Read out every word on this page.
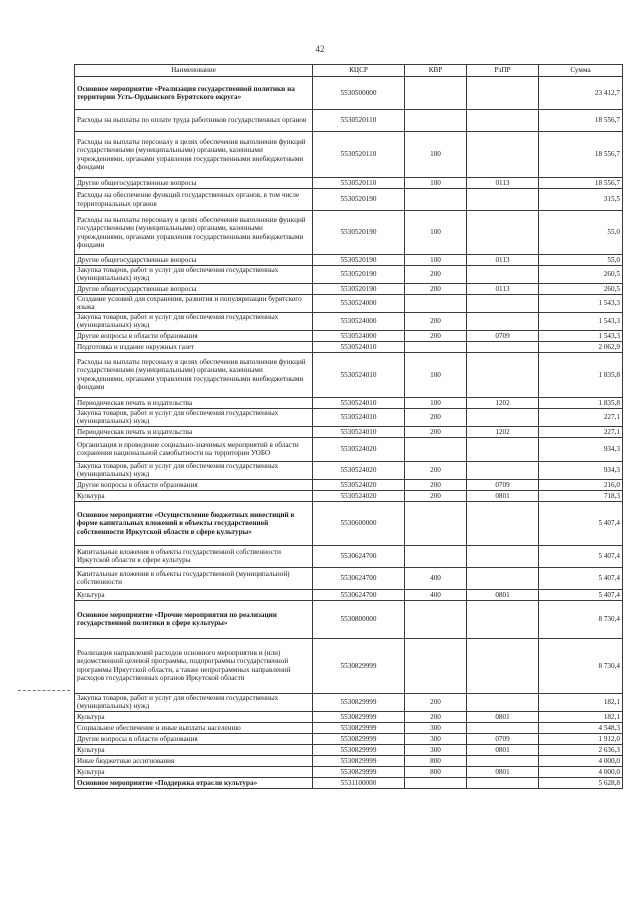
42
Наименование	КЦСР	КВР	РзПР	Сумма
Основное мероприятие «Реализация государственной политики на территории Усть-Ордынского Бурятского округа»	5530500000			23 412,7
Расходы на выплаты по оплате труда работников государственных органов	5530520110			18 556,7
Расходы на выплаты персоналу в целях обеспечения выполнения функций государственными (муниципальными) органами, казенными учреждениями, органами управления государственными внебюджетными фондами	5530520110	100		18 556,7
Другие общегосударственные вопросы	5530520110	100	0113	18 556,7
Расходы на обеспечение функций государственных органов, в том числе территориальных органов	5530520190			315,5
Расходы на выплаты персоналу в целях обеспечения выполнения функций государственными (муниципальными) органами, казенными учреждениями, органами управления государственными внебюджетными фондами	5530520190	100		55,0
Другие общегосударственные вопросы	5530520190	100	0113	55,0
Закупка товаров, работ и услуг для обеспечения государственных (муниципальных) нужд	5530520190	200		260,5
Другие общегосударственные вопросы	5530520190	200	0113	260,5
Создание условий для сохранения, развития и популяризации бурятского языка	5530524000			1 543,3
Закупка товаров, работ и услуг для обеспечения государственных (муниципальных) нужд	5530524000	200		1 543,3
Другие вопросы в области образования	5530524000	200	0709	1 543,3
Подготовка и издание окружных газет	5530524010			2 062,9
Расходы на выплаты персоналу в целях обеспечения выполнения функций государственными (муниципальными) органами, казенными учреждениями, органами управления государственными внебюджетными фондами	5530524010	100		1 835,8
Периодическая печать и издательства	5530524010	100	1202	1 835,8
Закупка товаров, работ и услуг для обеспечения государственных (муниципальных) нужд	5530524010	200		227,1
Периодическая печать и издательства	5530524010	200	1202	227,1
Организация и проведение социально-значимых мероприятий в области сохранения национальной самобытности на территории УОБО	5530524020			934,3
Закупка товаров, работ и услуг для обеспечения государственных (муниципальных) нужд	5530524020	200		934,3
Другие вопросы в области образования	5530524020	200	0709	216,0
Культура	5530524020	200	0801	718,3
Основное мероприятие «Осуществление бюджетных инвестиций в форме капитальных вложений в объекты государственной собственности Иркутской области в сфере культуры»	5530600000			5 407,4
Капитальные вложения в объекты государственной собственности Иркутской области в сфере культуры	5530624700			5 407,4
Капитальные вложения в объекты государственной (муниципальной) собственности	5530624700	400		5 407,4
Культура	5530624700	400	0801	5 407,4
Основное мероприятие «Прочие мероприятия по реализации государственной политики в сфере культуры»	5530800000			8 730,4
Реализация направлений расходов основного мероприятия и (или) ведомственной целевой программы, подпрограммы государственной программы Иркутской области, а также непрограммных направлений расходов государственных органов Иркутской области	5530829999			8 730,4
Закупка товаров, работ и услуг для обеспечения государственных (муниципальных) нужд	5530829999	200		182,1
Культура	5530829999	200	0801	182,1
Социальное обеспечение и иные выплаты населению	5530829999	300		4 548,3
Другие вопросы в области образования	5530829999	300	0709	1 912,0
Культура	5530829999	300	0801	2 636,3
Иные бюджетные ассигнования	5530829999	800		4 000,0
Культура	5530829999	800	0801	4 000,0
Основное мероприятие «Поддержка отрасли культура»	5531100000			5 628,8
